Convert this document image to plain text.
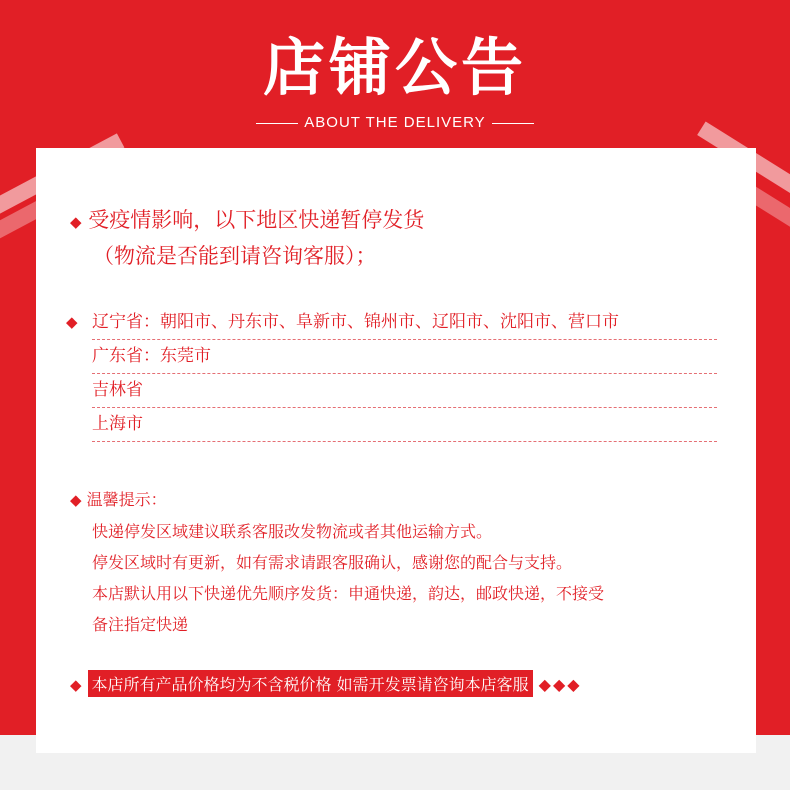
店铺公告
ABOUT THE DELIVERY
◆ 受疫情影响，以下地区快递暂停发货
（物流是否能到请咨询客服）；
◆ 辽宁省：朝阳市、丹东市、阜新市、锦州市、辽阳市、沈阳市、营口市
广东省：东莞市
吉林省
上海市
◆ 温馨提示：
快递停发区域建议联系客服改发物流或者其他运输方式。
停发区域时有更新，如有需求请跟客服确认，感谢您的配合与支持。
本店默认用以下快递优先顺序发货：申通快递，韵达，邮政快递，不接受
备注指定快递
◆ 本店所有产品价格均为不含税价格 如需开发票请咨询本店客服 ◆◆◆
